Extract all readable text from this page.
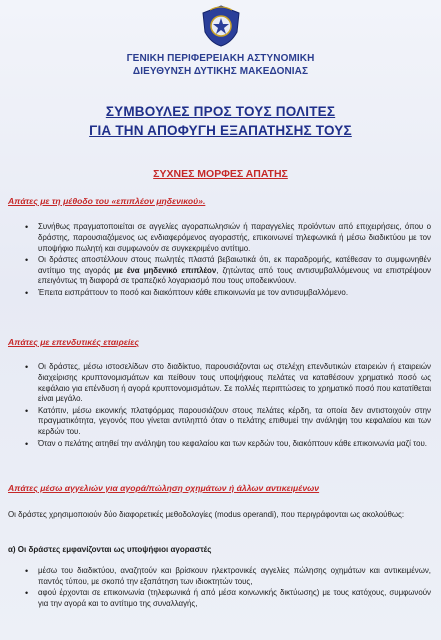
ΓΕΝΙΚΗ ΠΕΡΙΦΕΡΕΙΑΚΗ ΑΣΤΥΝΟΜΙΚΗ
ΔΙΕΥΘΥΝΣΗ ΔΥΤΙΚΗΣ ΜΑΚΕΔΟΝΙΑΣ
ΣΥΜΒΟΥΛΕΣ ΠΡΟΣ ΤΟΥΣ ΠΟΛΙΤΕΣ
ΓΙΑ ΤΗΝ ΑΠΟΦΥΓΗ ΕΞΑΠΑΤΗΣΗΣ ΤΟΥΣ
ΣΥΧΝΕΣ ΜΟΡΦΕΣ ΑΠΑΤΗΣ
Απάτες με τη μέθοδο του «επιπλέον μηδενικού».
• Συνήθως πραγματοποιείται σε αγγελίες αγοραπωλησιών ή παραγγελίες προϊόντων από επιχειρήσεις, όπου ο δράστης, παρουσιαζόμενος ως ενδιαφερόμενος αγοραστής, επικοινωνεί τηλεφωνικά ή μέσω διαδικτύου με τον υποψήφιο πωλητή και συμφωνούν σε συγκεκριμένο αντίτιμο.
• Οι δράστες αποστέλλουν στους πωλητές πλαστά βεβαιωτικά ότι, εκ παραδρομής, κατέθεσαν το συμφωνηθέν αντίτιμο της αγοράς με ένα μηδενικό επιπλέον, ζητώντας από τους αντισυμβαλλόμενους να επιστρέψουν επειγόντως τη διαφορά σε τραπεζικό λογαριασμό που τους υποδεικνύουν.
• Έπειτα εισπράττουν το ποσό και διακόπτουν κάθε επικοινωνία με τον αντισυμβαλλόμενο.
Απάτες με επενδυτικές εταιρείες
• Οι δράστες, μέσω ιστοσελίδων στο διαδίκτυο, παρουσιάζονται ως στελέχη επενδυτικών εταιρειών ή εταιρειών διαχείρισης κρυπτονομισμάτων και πείθουν τους υποψήφιους πελάτες να καταθέσουν χρηματικό ποσό ως κεφάλαιο για επένδυση ή αγορά κρυπτονομισμάτων. Σε πολλές περιπτώσεις το χρηματικό ποσό που κατατίθεται είναι μεγάλο.
• Κατόπιν, μέσω εικονικής πλατφόρμας παρουσιάζουν στους πελάτες κέρδη, τα οποία δεν αντιστοιχούν στην πραγματικότητα, γεγονός που γίνεται αντιληπτό όταν ο πελάτης επιθυμεί την ανάληψη του κεφαλαίου και των κερδών του.
• Όταν ο πελάτης αιτηθεί την ανάληψη του κεφαλαίου και των κερδών του, διακόπτουν κάθε επικοινωνία μαζί του.
Απάτες μέσω αγγελιών για αγορά/πώληση οχημάτων ή άλλων αντικειμένων
Οι δράστες χρησιμοποιούν δύο διαφορετικές μεθοδολογίες (modus operandi), που περιγράφονται ως ακολούθως:
α) Οι δράστες εμφανίζονται ως υποψήφιοι αγοραστές
• μέσω του διαδικτύου, αναζητούν και βρίσκουν ηλεκτρονικές αγγελίες πώλησης οχημάτων και αντικειμένων, παντός τύπου, με σκοπό την εξαπάτηση των ιδιοκτητών τους,
• αφού έρχονται σε επικοινωνία (τηλεφωνικά ή από μέσα κοινωνικής δικτύωσης) με τους κατόχους, συμφωνούν για την αγορά και το αντίτιμο της συναλλαγής,
